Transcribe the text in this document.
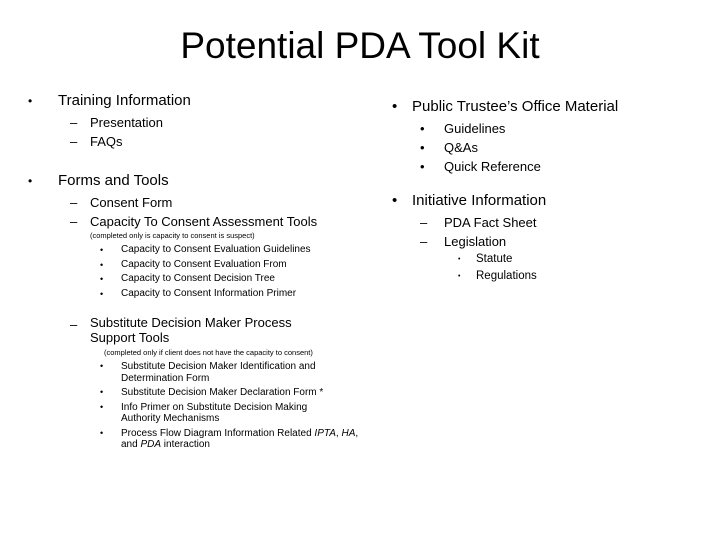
Potential PDA Tool Kit
•	Training Information
– Presentation
– FAQs
•	Forms and Tools
– Consent Form
– Capacity To Consent Assessment Tools
(completed only is capacity to consent is suspect)
•	Capacity to Consent Evaluation Guidelines
•	Capacity to Consent Evaluation From
•	Capacity to Consent Decision Tree
•	Capacity to Consent Information Primer
– Substitute Decision Maker Process Support Tools
(completed only if client does not have the capacity to consent)
•	Substitute Decision Maker Identification and Determination Form
•	Substitute Decision Maker Declaration Form *
•	Info Primer on Substitute Decision Making Authority Mechanisms
•	Process Flow Diagram Information Related IPTA, HA, and PDA interaction
• Public Trustee’s Office Material
•	Guidelines
•	Q&As
•	Quick Reference
• Initiative Information
–	PDA Fact Sheet
–	Legislation
•	Statute
•	Regulations
